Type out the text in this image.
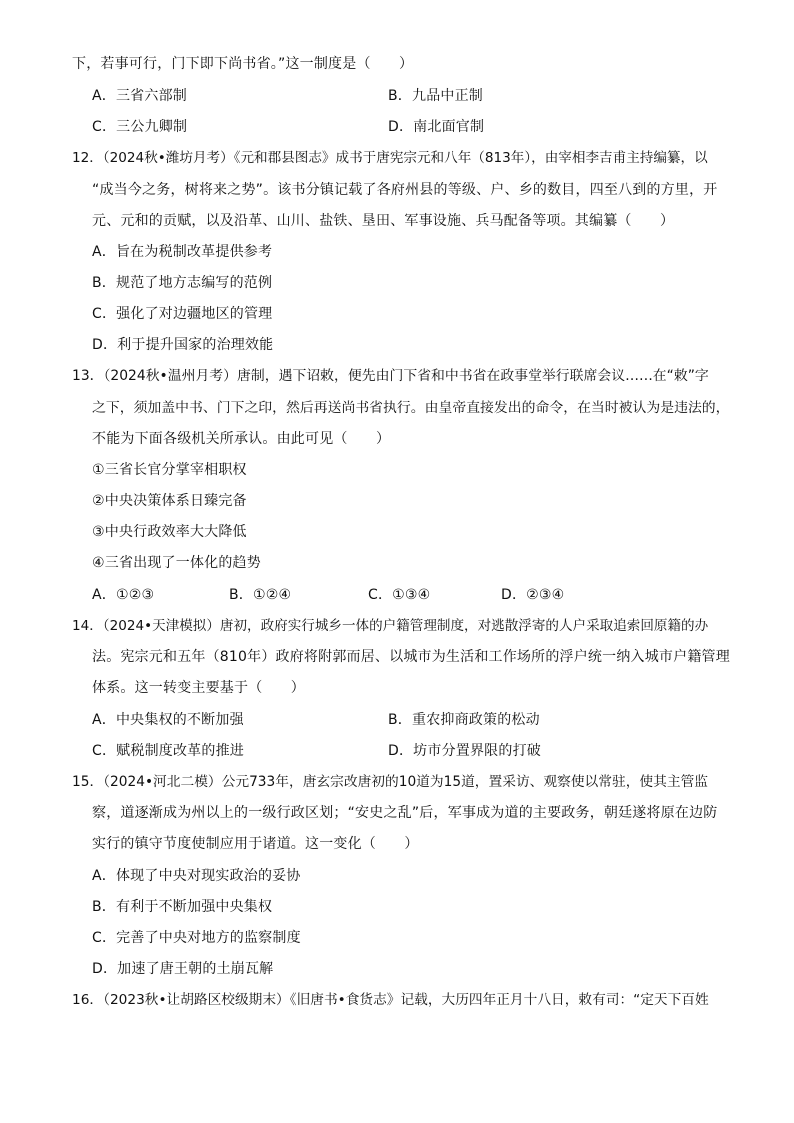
下，若事可行，门下即下尚书省。”这一制度是（　　）
A．三省六部制	B．九品中正制
C．三公九卿制	D．南北面官制
12．（2024秋•潍坊月考）《元和郡县图志》成书于唐宪宗元和八年（813年），由宰相李吉甫主持编纂，以
“成当今之务，树将来之势”。该书分镇记载了各府州县的等级、户、乡的数目，四至八到的方里，开
元、元和的贡赋，以及沿革、山川、盐铁、垦田、军事设施、兵马配备等项。其编纂（　　）
A．旨在为税制改革提供参考
B．规范了地方志编写的范例
C．强化了对边疆地区的管理
D．利于提升国家的治理效能
13．（2024秋•温州月考）唐制，遇下诏敕，便先由门下省和中书省在政事堂举行联席会议……在“敕”字
之下，须加盖中书、门下之印，然后再送尚书省执行。由皇帝直接发出的命令，在当时被认为是违法的，
不能为下面各级机关所承认。由此可见（　　）
①三省长官分掌宰相职权
②中央决策体系日臻完备
③中央行政效率大大降低
④三省出现了一体化的趋势
A．①②③	B．①②④	C．①③④	D．②③④
14．（2024•天津模拟）唐初，政府实行城乡一体的户籍管理制度，对逃散浮寄的人户采取追索回原籍的办
法。宪宗元和五年（810年）政府将附郭而居、以城市为生活和工作场所的浮户统一纳入城市户籍管理
体系。这一转变主要基于（　　）
A．中央集权的不断加强	B．重农抑商政策的松动
C．赋税制度改革的推进	D．坊市分置界限的打破
15．（2024•河北二模）公元733年，唐玄宗改唐初的10道为15道，置采访、观察使以常驻，使其主管监
察，道逐渐成为州以上的一级行政区划；“安史之乱”后，军事成为道的主要政务，朝廷遂将原在边防
实行的镇守节度使制应用于诸道。这一变化（　　）
A．体现了中央对现实政治的妥协
B．有利于不断加强中央集权
C．完善了中央对地方的监察制度
D．加速了唐王朝的土崩瓦解
16．（2023秋•让胡路区校级期末）《旧唐书•食货志》记载，大历四年正月十八日，敕有司：“定天下百姓
